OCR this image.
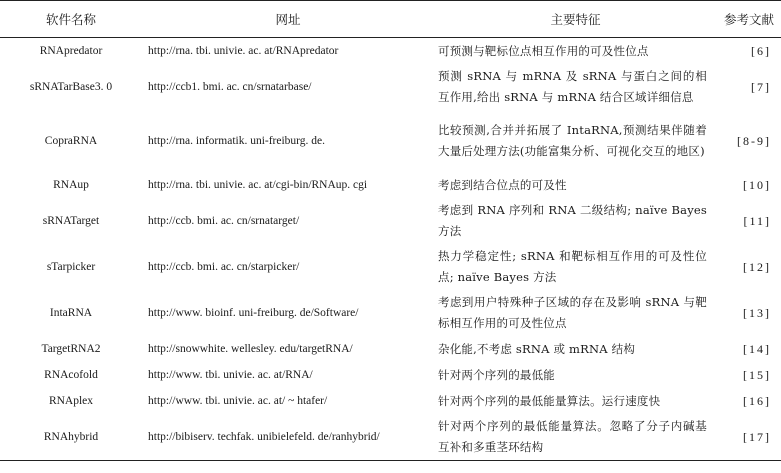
软件名称	网址	主要特征	参考文献
RNApredator	http://rna. tbi. univie. ac. at/RNApredator	可预测与靶标位点相互作用的可及性位点	[6]
sRNATarBase3. 0	http://ccb1. bmi. ac. cn/srnatarbase/	预测 sRNA 与 mRNA 及 sRNA 与蛋白之间的相互作用,给出 sRNA 与 mRNA 结合区域详细信息	[7]
CopraRNA	http://rna. informatik. uni-freiburg. de.	比较预测,合并并拓展了 IntaRNA,预测结果伴随着大量后处理方法(功能富集分析、可视化交互的地区)	[8-9]
RNAup	http://rna. tbi. univie. ac. at/cgi-bin/RNAup. cgi	考虑到结合位点的可及性	[10]
sRNATarget	http://ccb. bmi. ac. cn/srnatarget/	考虑到 RNA 序列和 RNA 二级结构; naïve Bayes 方法	[11]
sTarpicker	http://ccb. bmi. ac. cn/starpicker/	热力学稳定性; sRNA 和靶标相互作用的可及性位点; naïve Bayes 方法	[12]
IntaRNA	http://www. bioinf. uni-freiburg. de/Software/	考虑到用户特殊种子区域的存在及影响 sRNA 与靶标相互作用的可及性位点	[13]
TargetRNA2	http://snowwhite. wellesley. edu/targetRNA/	杂化能,不考虑 sRNA 或 mRNA 结构	[14]
RNAcofold	http://www. tbi. univie. ac. at/RNA/	针对两个序列的最低能	[15]
RNAplex	http://www. tbi. univie. ac. at/ ~ htafer/	针对两个序列的最低能量算法。运行速度快	[16]
RNAhybrid	http://bibiserv. techfak. unibielefeld. de/ranhybrid/	针对两个序列的最低能量算法。忽略了分子内碱基互补和多重茎环结构	[17]
